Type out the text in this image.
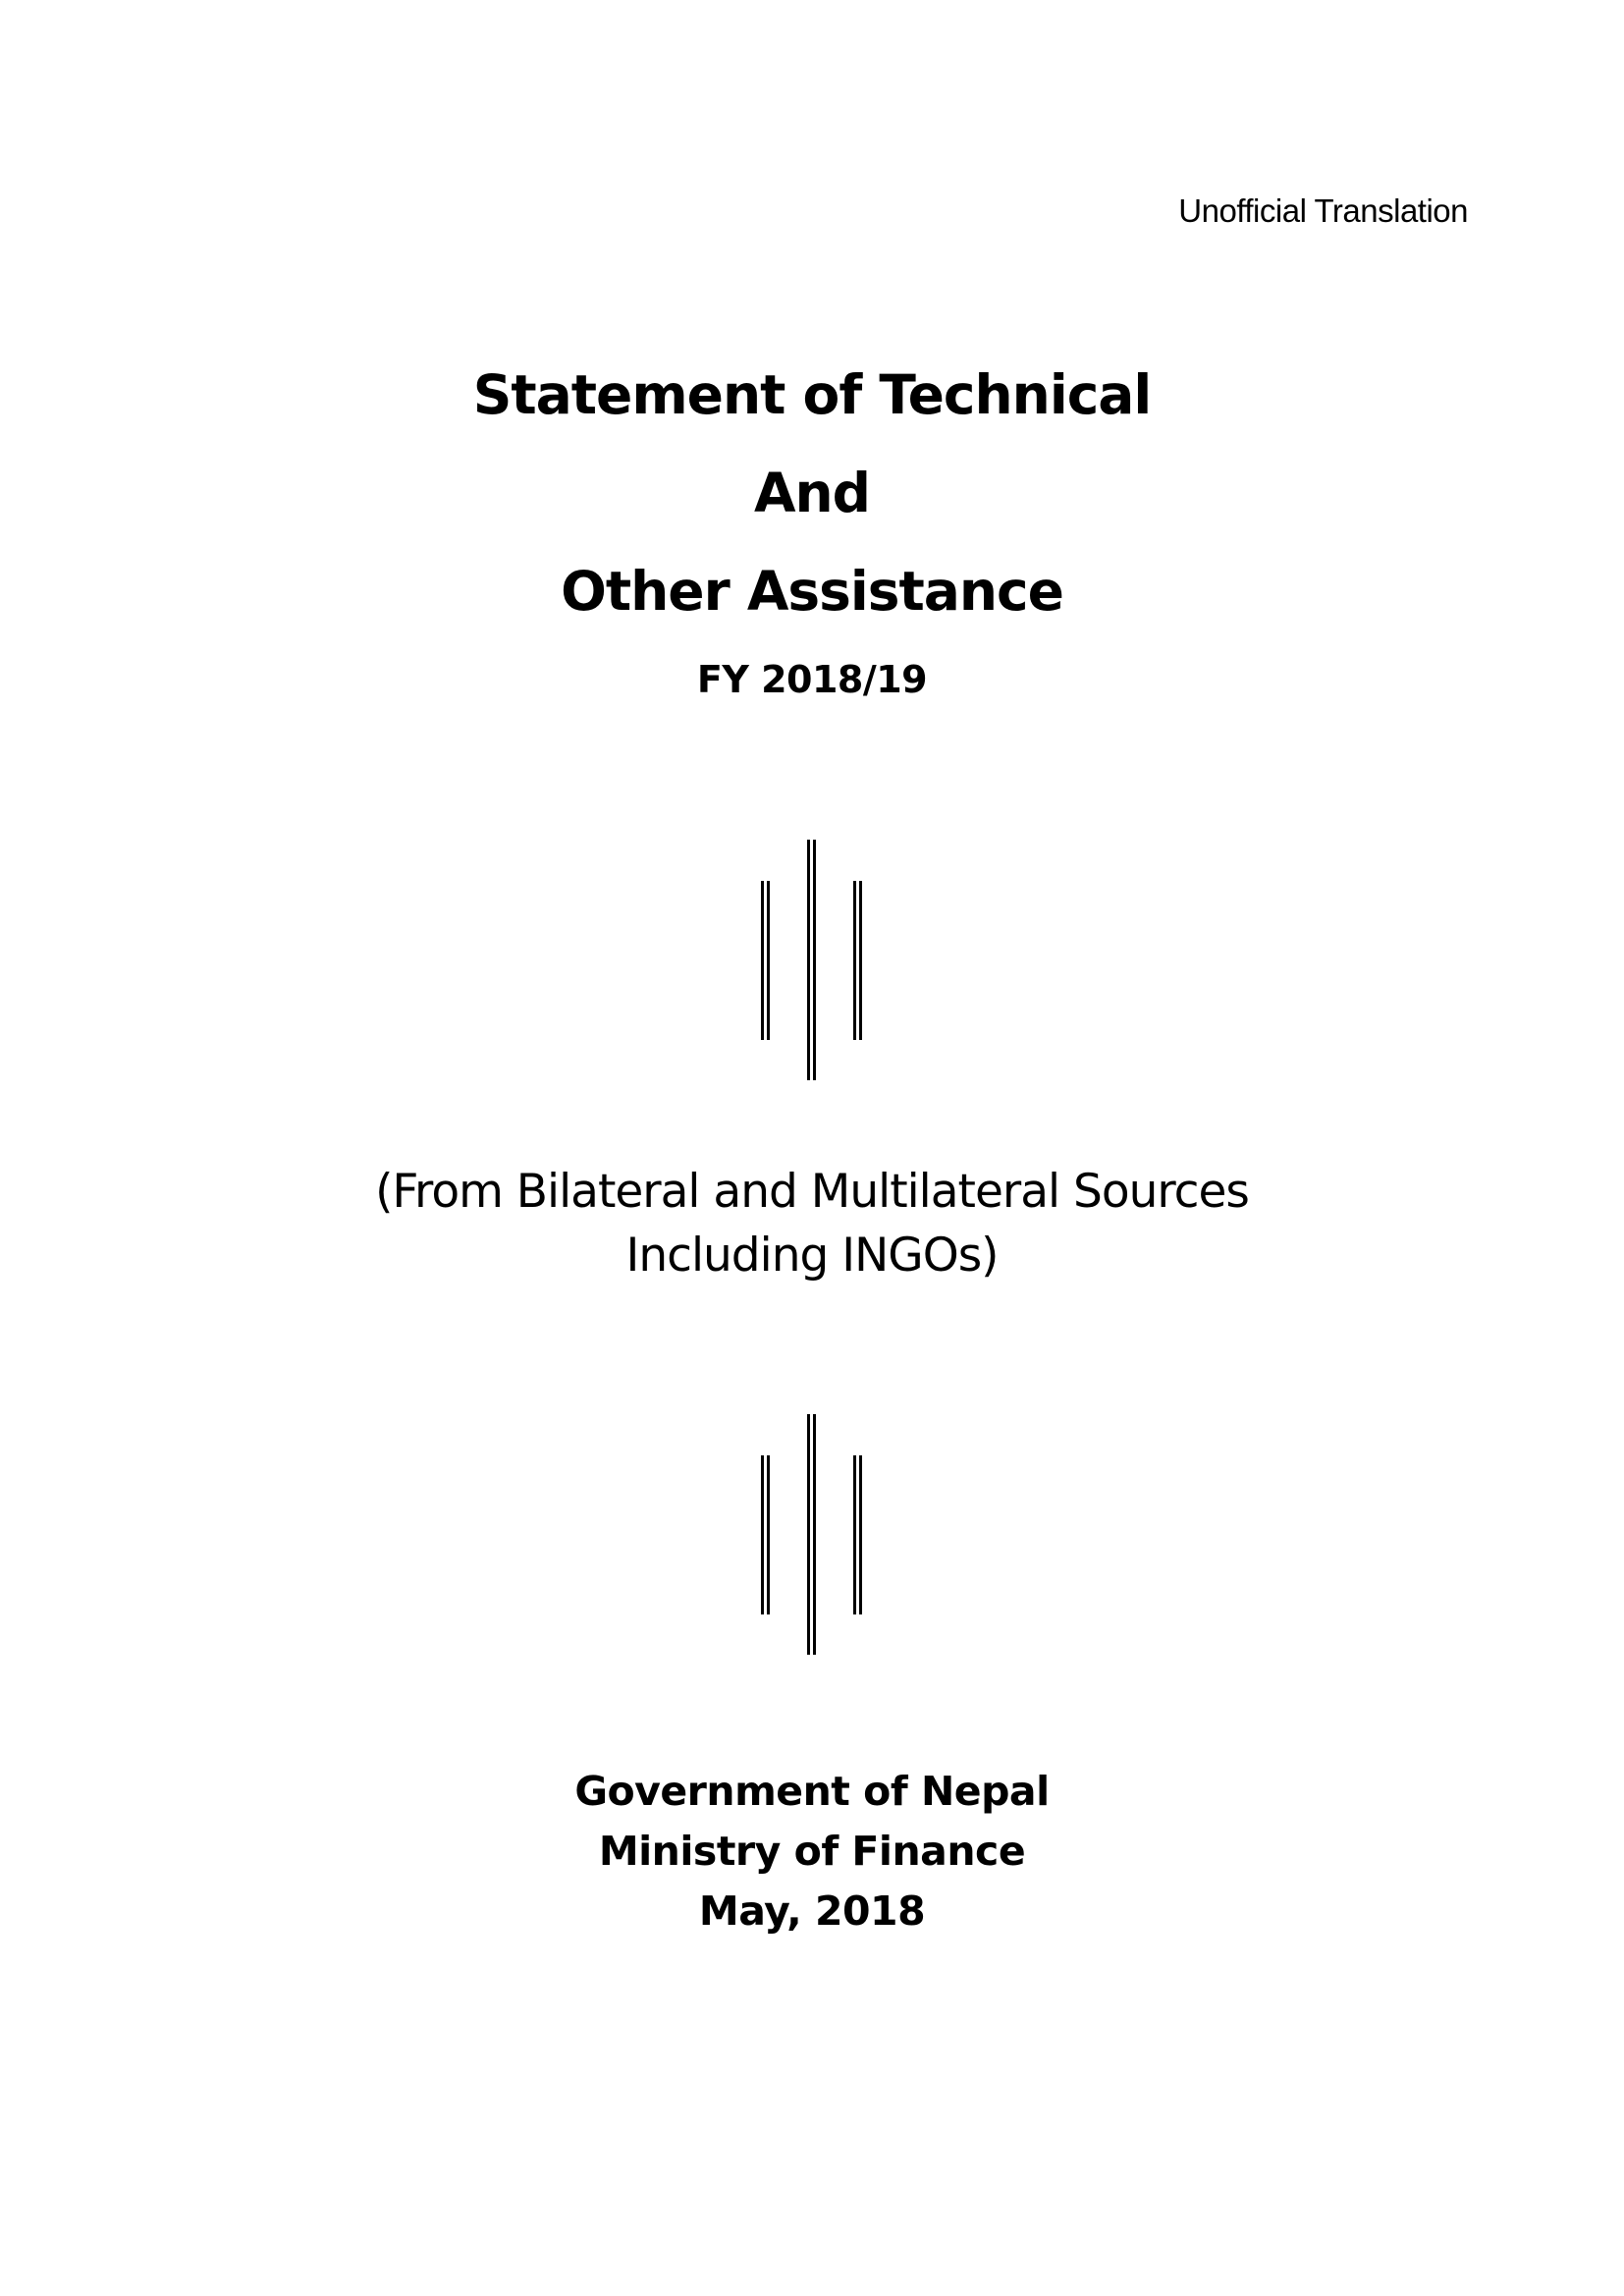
Unofficial Translation
Statement of Technical
And
Other Assistance
FY 2018/19
(From Bilateral and Multilateral Sources
Including INGOs)
Government of Nepal
Ministry of Finance
May, 2018
